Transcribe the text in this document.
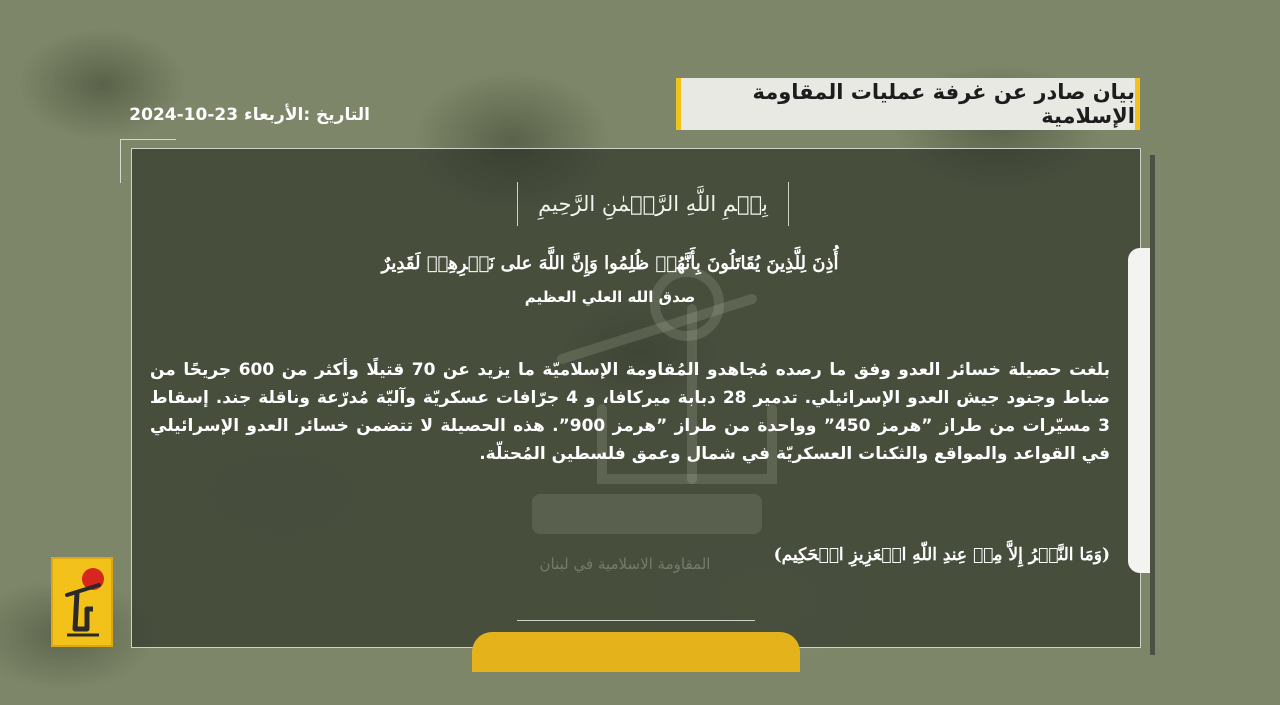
بيان صادر عن غرفة عمليات المقاومة الإسلامية
التاريخ :الأربعاء 23-10-2024
بِسۡمِ اللَّهِ الرَّحۡمٰنِ الرَّحِيمِ
أُذِنَ لِلَّذِينَ يُقَاتَلُونَ بِأَنَّهُمۡ ظُلِمُوا وَإِنَّ اللَّهَ على نَصۡرِهِمۡ لَقَدِيرٌ
صدق الله العلي العظيم
بلغت حصيلة خسائر العدو وفق ما رصده مُجاهدو المُقاومة الإسلاميّة ما يزيد عن 70 قتيلًا وأكثر من 600 جريحًا من ضباط وجنود جيش العدو الإسرائيلي. تدمير 28 دبابة ميركافا، و 4 جرّافات عسكريّة وآليّة مُدرّعة وناقلة جند. إسقاط 3 مسيّرات من طراز ”هرمز 450” وواحدة من طراز ”هرمز 900”. هذه الحصيلة لا تتضمن خسائر العدو الإسرائيلي في القواعد والمواقع والثكنات العسكريّة في شمال وعمق فلسطين المُحتلّة.
المقاومة الاسلامية في لبنان	(وَمَا النَّصۡرُ إِلاَّ مِنۡ عِندِ اللّهِ الۡعَزِيزِ الۡحَكِيم)
